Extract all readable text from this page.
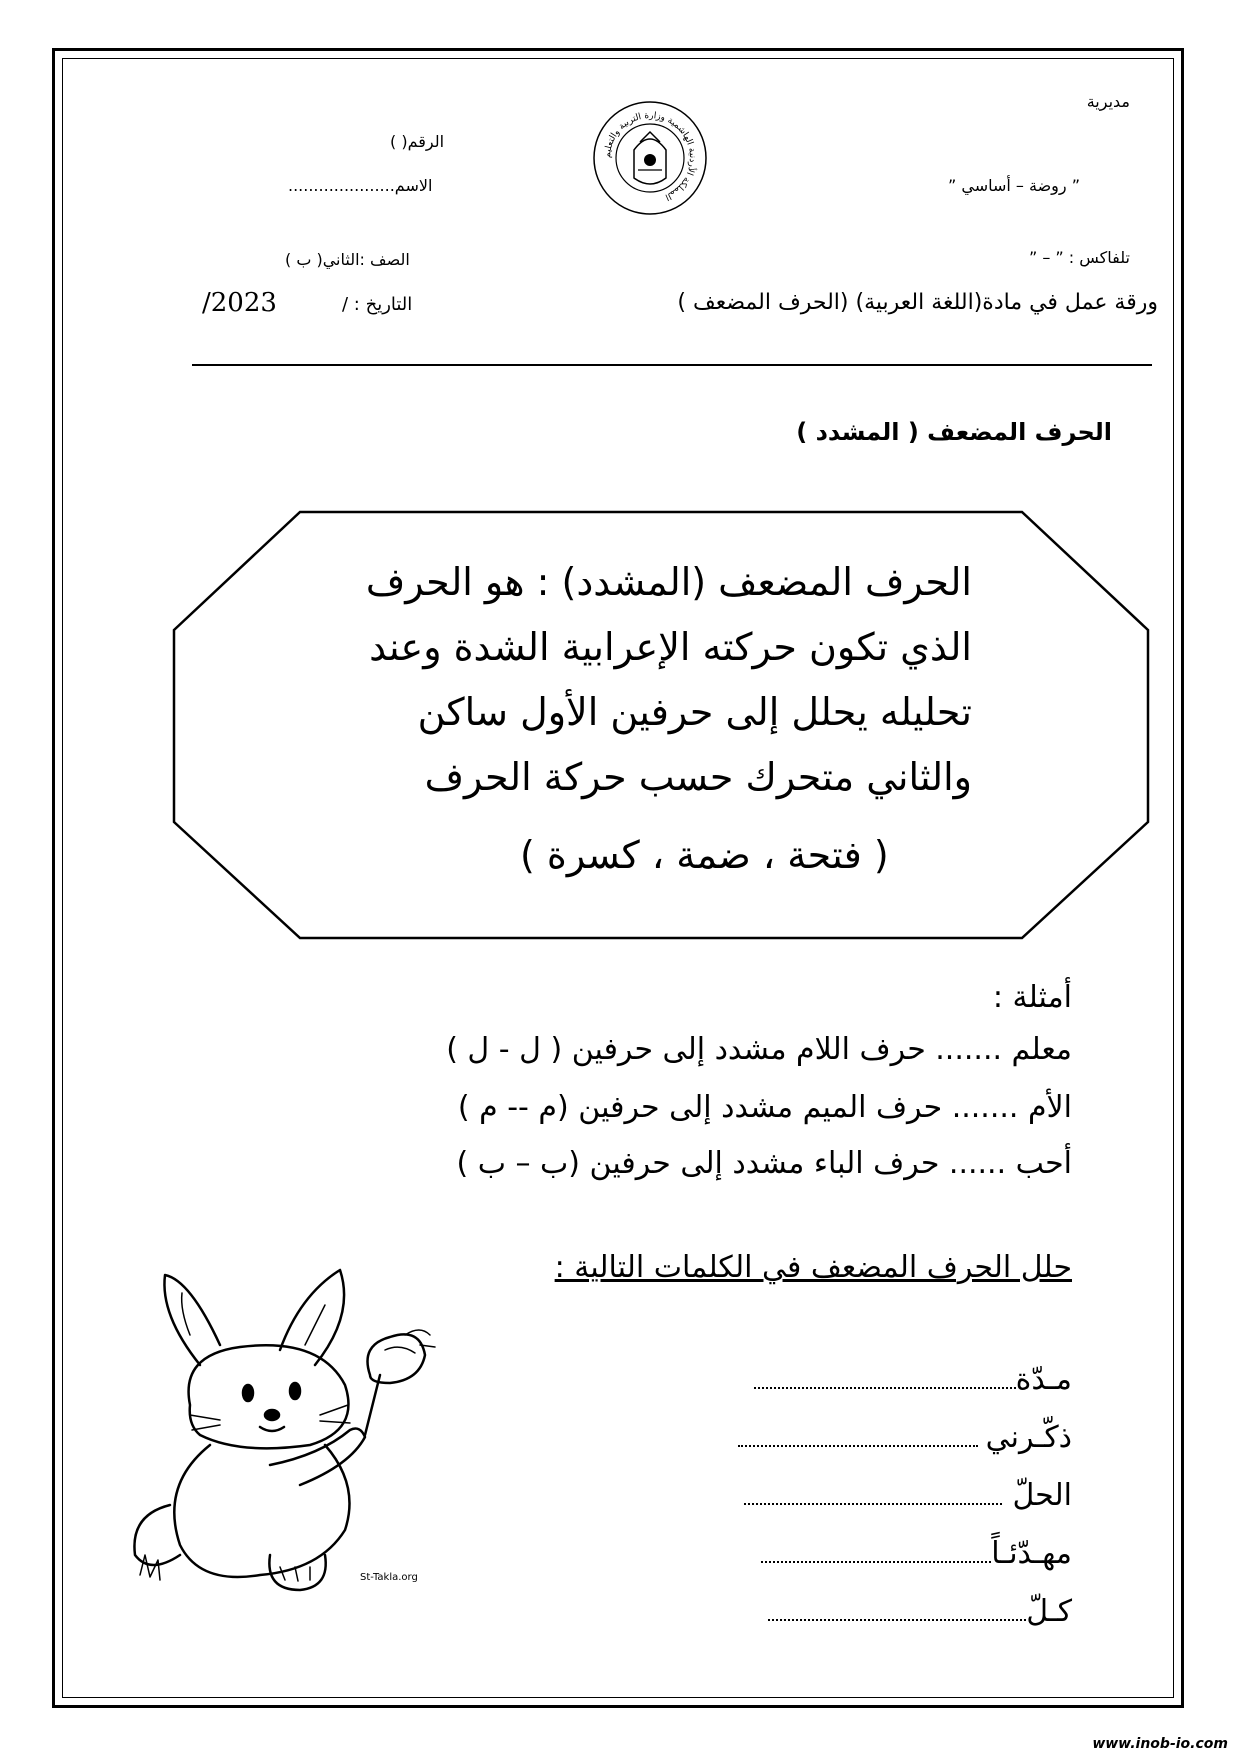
مديرية
” روضة – أساسي ”
تلفاكس : ” – ”
المملكة الأردنية الهاشمية وزارة التربية والتعليم
الرقم( )
الاسم.....................
الصف :الثاني( ب )
التاريخ : /
/2023	ورقة عمل في مادة(اللغة العربية) (الحرف المضعف )
الحرف المضعف ( المشدد )
الحرف المضعف (المشدد) : هو الحرف
الذي تكون حركته الإعرابية الشدة وعند
تحليله يحلل إلى حرفين الأول ساكن
والثاني متحرك حسب حركة الحرف
( فتحة ، ضمة ، كسرة )
أمثلة :
معلم ....... حرف اللام مشدد إلى حرفين ( ل - ل )
الأم ....... حرف الميم مشدد إلى حرفين (م -- م )
أحب ...... حرف الباء مشدد إلى حرفين (ب – ب )
حلل الحرف المضعف في الكلمات التالية :
مـدّة
ذكّـرني
الحلّ
مهـدّئـاً
كـلّ
St-Takla.org
www.inob-io.com
